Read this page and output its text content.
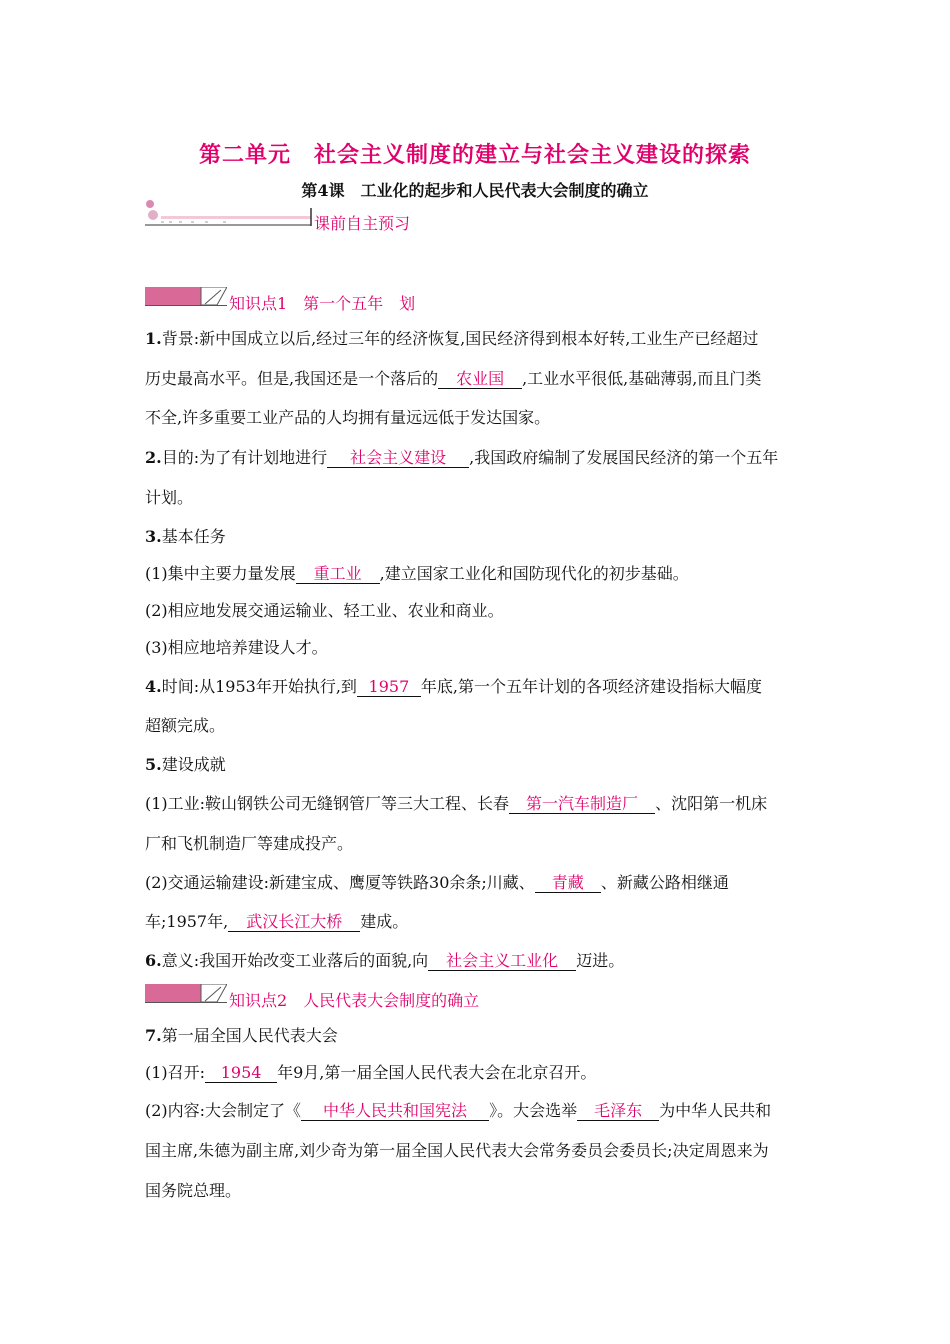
第二单元　社会主义制度的建立与社会主义建设的探索
第4课　工业化的起步和人民代表大会制度的确立
课前自主预习
知识点1　第一个五年　划
1.背景:新中国成立以后,经过三年的经济恢复,国民经济得到根本好转,工业生产已经超过
历史最高水平。但是,我国还是一个落后的 农业国 ,工业水平很低,基础薄弱,而且门类
不全,许多重要工业产品的人均拥有量远远低于发达国家。
2.目的:为了有计划地进行 社会主义建设 ,我国政府编制了发展国民经济的第一个五年
计划。
3.基本任务
(1)集中主要力量发展 重工业 ,建立国家工业化和国防现代化的初步基础。
(2)相应地发展交通运输业、轻工业、农业和商业。
(3)相应地培养建设人才。
4.时间:从1953年开始执行,到 1957 年底,第一个五年计划的各项经济建设指标大幅度
超额完成。
5.建设成就
(1)工业:鞍山钢铁公司无缝钢管厂等三大工程、长春 第一汽车制造厂 、沈阳第一机床
厂和飞机制造厂等建成投产。
(2)交通运输建设:新建宝成、鹰厦等铁路30余条;川藏、 青藏 、新藏公路相继通
车;1957年, 武汉长江大桥 建成。
6.意义:我国开始改变工业落后的面貌,向 社会主义工业化 迈进。
知识点2　人民代表大会制度的确立
7.第一届全国人民代表大会
(1)召开: 1954 年9月,第一届全国人民代表大会在北京召开。
(2)内容:大会制定了《 中华人民共和国宪法 》。大会选举 毛泽东 为中华人民共和
国主席,朱德为副主席,刘少奇为第一届全国人民代表大会常务委员会委员长;决定周恩来为
国务院总理。
